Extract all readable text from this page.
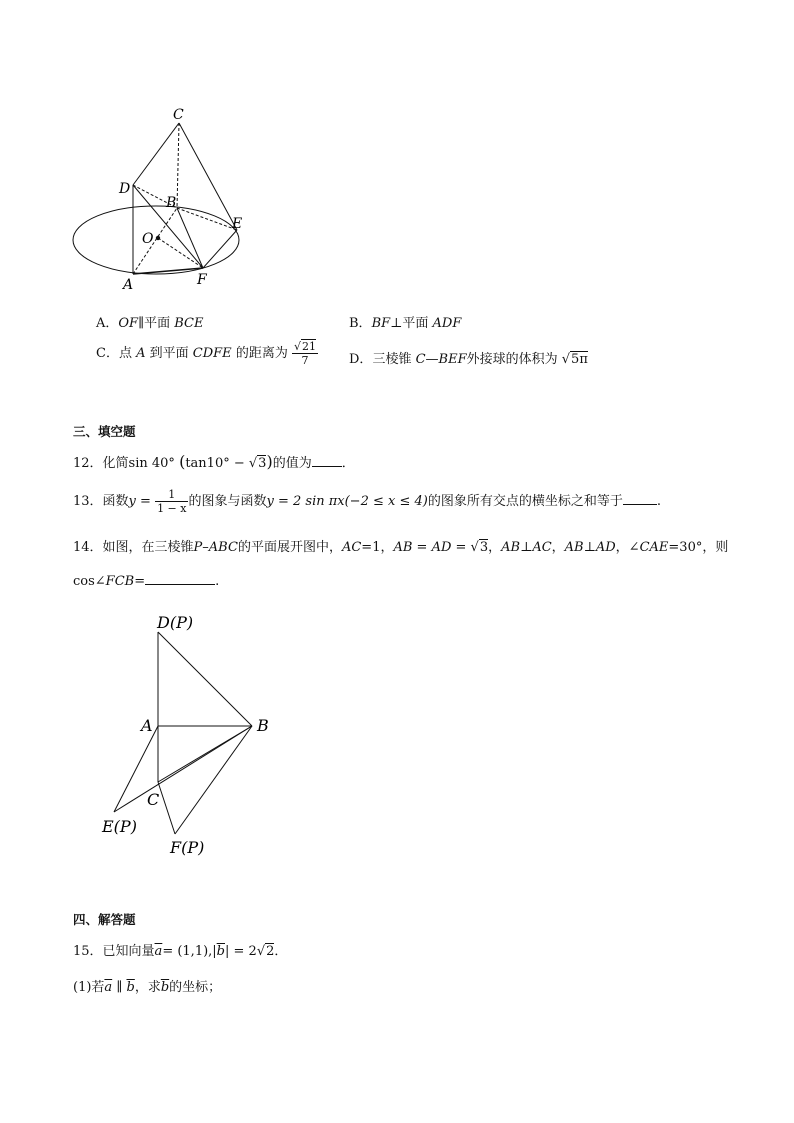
C
D
B
E
O
A	F
A．OF∥平面 BCE	B．BF⊥平面 ADF
C．点 A 到平面 CDFE 的距离为 $\frac{√21}{7}$ D．三棱锥 C—BEF外接球的体积为 √5π
三、填空题
12．化简sin 40° (tan10° − √3)的值为 ．
13．函数$y = \frac{1}{1 - x}$ 的图象与函数y = 2 sin πx(−2 ≤ x ≤ 4)的图象所有交点的横坐标之和等于	.
14．如图，在三棱锥P–ABC的平面展开图中，AC=1，AB = AD = √3，AB⊥AC，AB⊥AD，∠CAE=30°，则
cos∠FCB=	.
D(P)
A	B
C
E(P)
F(P)
四、解答题
15．已知向量$\overline{a}= (1,1),|\overline{b}| = 2√2$．
(1)若$\overline{a}$ ∥ $\overline{b}$，求$\overline{b}$的坐标；
